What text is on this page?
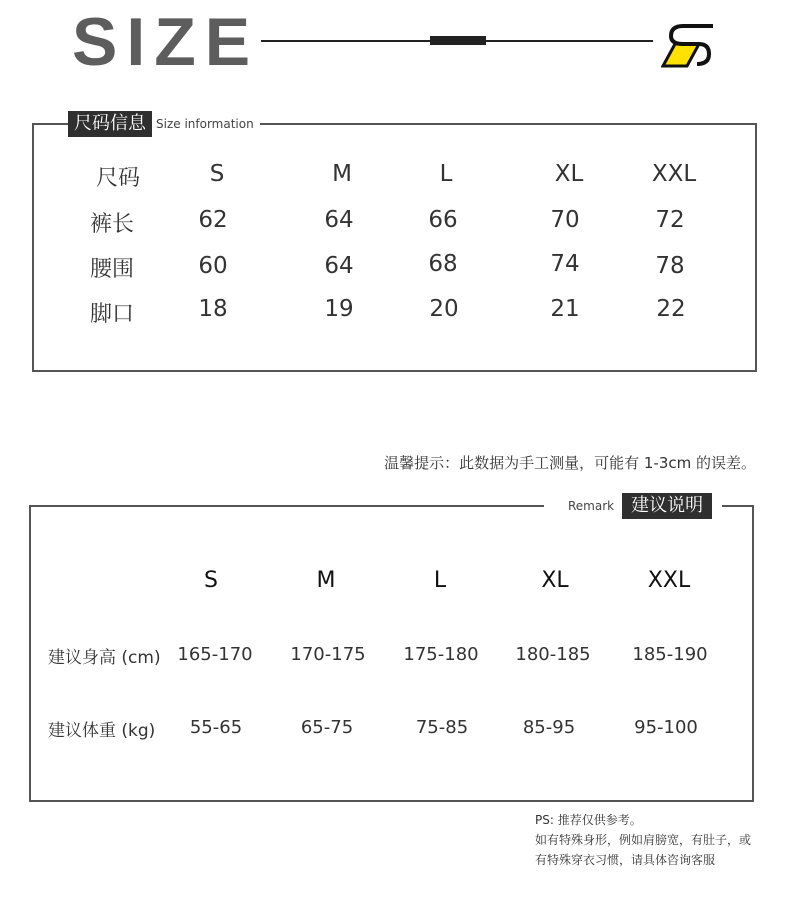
SIZE
尺码信息 Size information
尺码	S	M	L	XL	XXL
裤长	62	64	66	70	72
腰围	60	64	68	74	78
脚口	18	19	20	21	22
温馨提示：此数据为手工测量，可能有 1-3cm 的误差。
Remark 建议说明
S	M	L	XL	XXL
建议身高 (cm) 165-170 170-175 175-180 180-185 185-190
建议体重 (kg) 55-65	65-75	75-85	85-95	95-100
PS: 推荐仅供参考。
如有特殊身形，例如肩膀宽，有肚子，或
有特殊穿衣习惯，请具体咨询客服
